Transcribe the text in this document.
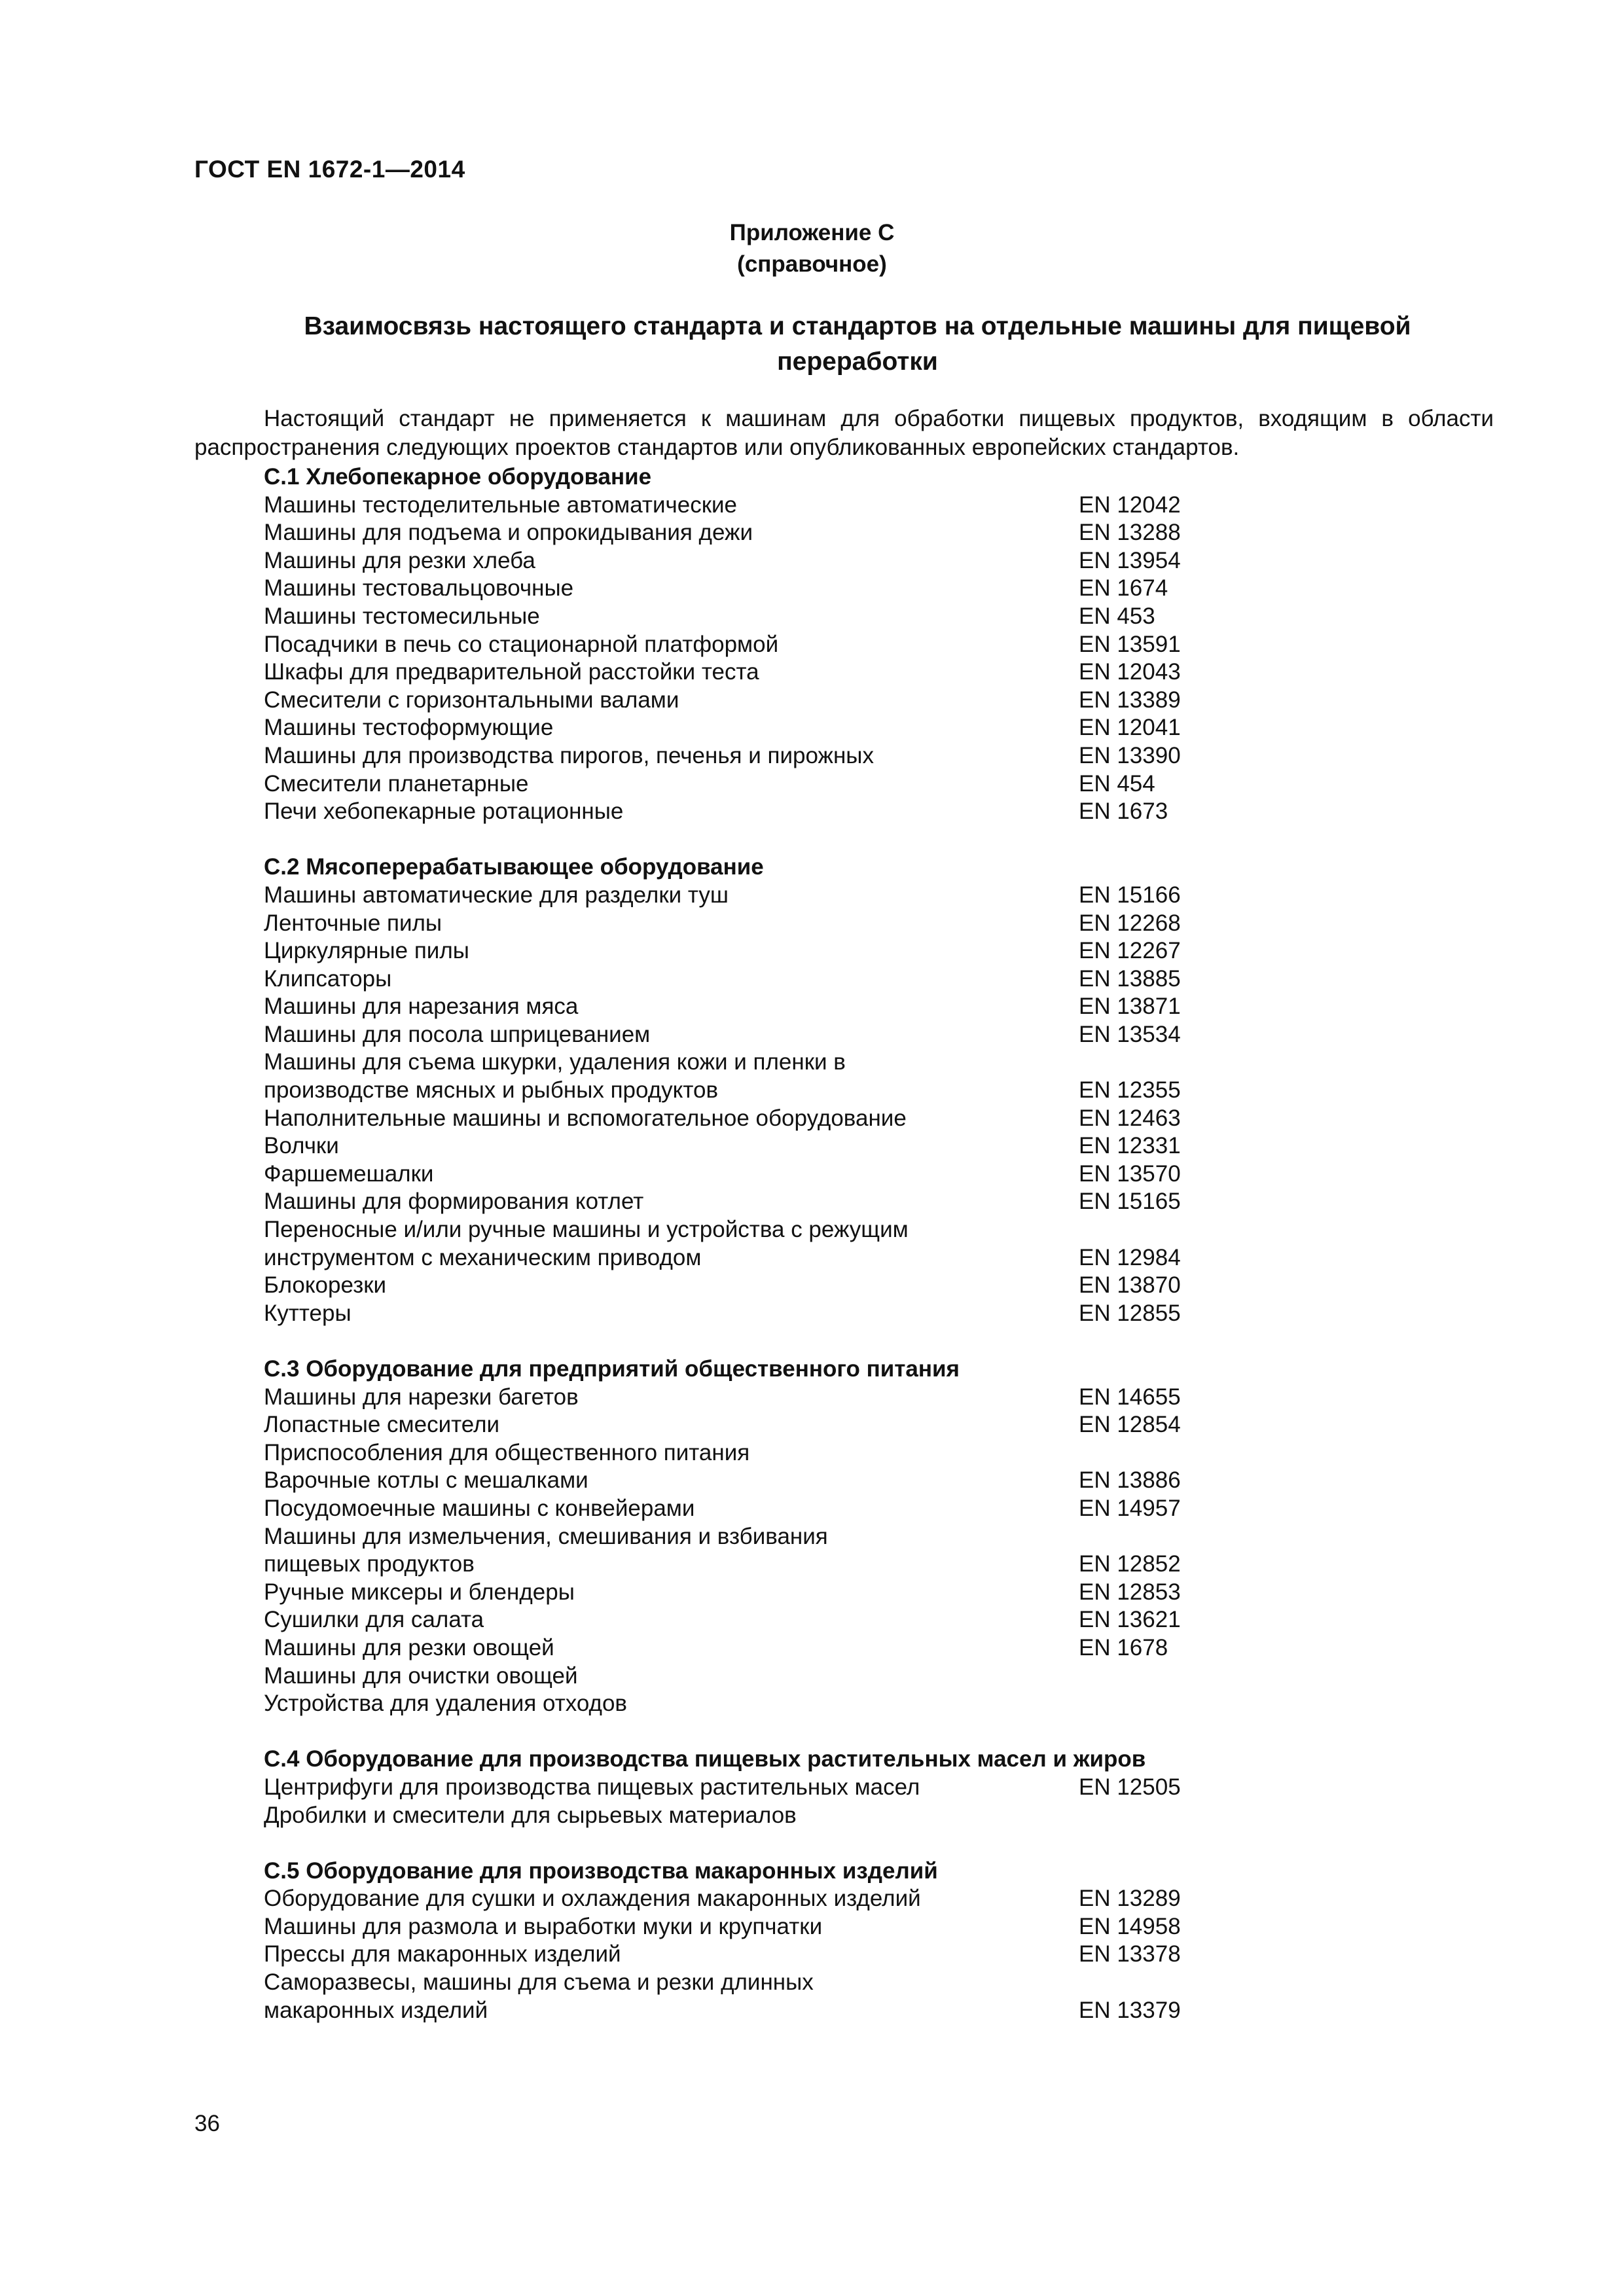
ГОСТ EN 1672-1—2014
Приложение С
(справочное)
Взаимосвязь настоящего стандарта и стандартов на отдельные машины для пищевой
переработки
Настоящий стандарт не применяется к машинам для обработки пищевых продуктов, входящим в области распространения следующих проектов стандартов или опубликованных европейских стандартов.
С.1 Хлебопекарное оборудование
Машины тестоделительные автоматические	EN 12042
Машины для подъема и опрокидывания дежи	EN 13288
Машины для резки хлеба	EN 13954
Машины тестовальцовочные	EN 1674
Машины тестомесильные	EN 453
Посадчики в печь со стационарной платформой	EN 13591
Шкафы для предварительной расстойки теста	EN 12043
Смесители с горизонтальными валами	EN 13389
Машины тестоформующие	EN 12041
Машины для производства пирогов, печенья и пирожных	EN 13390
Смесители планетарные	EN 454
Печи хебопекарные ротационные	EN 1673
С.2 Мясоперерабатывающее оборудование
Машины автоматические для разделки туш	EN 15166
Ленточные пилы	EN 12268
Циркулярные пилы	EN 12267
Клипсаторы	EN 13885
Машины для нарезания мяса	EN 13871
Машины для посола шприцеванием	EN 13534
Машины для съема шкурки, удаления кожи и пленки в
производстве мясных и рыбных продуктов	EN 12355
Наполнительные машины и вспомогательное оборудование	EN 12463
Волчки	EN 12331
Фаршемешалки	EN 13570
Машины для формирования котлет	EN 15165
Переносные и/или ручные машины и устройства с режущим
инструментом с механическим приводом	EN 12984
Блокорезки	EN 13870
Куттеры	EN 12855
С.3 Оборудование для предприятий общественного питания
Машины для нарезки багетов	EN 14655
Лопастные смесители	EN 12854
Приспособления для общественного питания
Варочные котлы с мешалками	EN 13886
Посудомоечные машины с конвейерами	EN 14957
Машины для измельчения, смешивания и взбивания
пищевых продуктов	EN 12852
Ручные миксеры и блендеры	EN 12853
Сушилки для салата	EN 13621
Машины для резки овощей	EN 1678
Машины для очистки овощей
Устройства для удаления отходов
С.4 Оборудование для производства пищевых растительных масел и жиров
Центрифуги для производства пищевых растительных масел	EN 12505
Дробилки и смесители для сырьевых материалов
С.5 Оборудование для производства макаронных изделий
Оборудование для сушки и охлаждения макаронных изделий	EN 13289
Машины для размола и выработки муки и крупчатки	EN 14958
Прессы для макаронных изделий	EN 13378
Саморазвесы, машины для съема и резки длинных
макаронных изделий	EN 13379
36
